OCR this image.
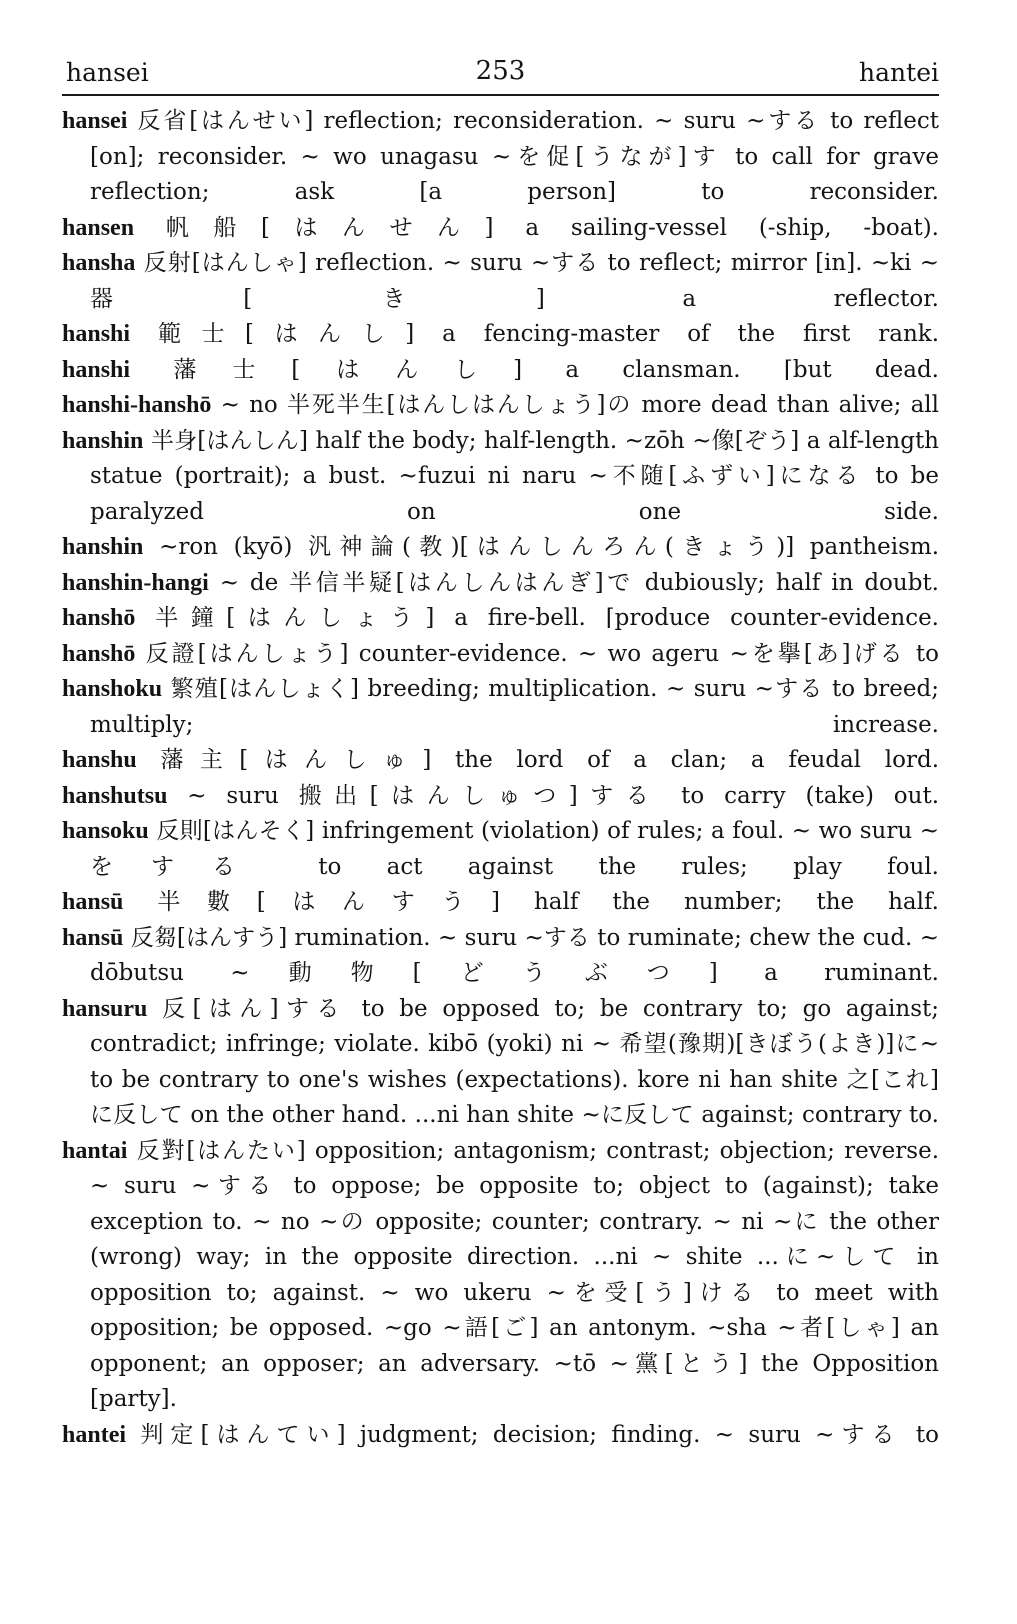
hansei	253	hantei

hansei 反省[はんせい] reflection; reconsideration. ~ suru ~する to reflect [on]; reconsider. ~ wo unagasu ~を促[うなが]す to call for grave reflection; ask [a person] to reconsider.

hansen 帆船[はんせん] a sailing-vessel (-ship, -boat).

hansha 反射[はんしゃ] reflection. ~ suru ~する to reflect; mirror [in]. ~ki ~器[き] a reflector.

hanshi 範士[はんし] a fencing-master of the first rank.

hanshi 藩士[はんし] a clansman. ⌈but dead.

hanshi-hanshō ~ no 半死半生[はんしはんしょう]の more dead than alive; all

hanshin 半身[はんしん] half the body; half-length. ~zōh ~像[ぞう] a alf-length statue (portrait); a bust. ~fuzui ni naru ~不随[ふずい]になる to be paralyzed on one side.

hanshin ~ron (kyō) 汎神論(教)[はんしんろん(きょう)] pantheism.

hanshin-hangi ~ de 半信半疑[はんしんはんぎ]で dubiously; half in doubt.

hanshō 半鐘[はんしょう] a fire-bell. ⌈produce counter-evidence.

hanshō 反證[はんしょう] counter-evidence. ~ wo ageru ~を擧[あ]げる to

hanshoku 繁殖[はんしょく] breeding; multiplication. ~ suru ~する to breed; multiply; increase.

hanshu 藩主[はんしゅ] the lord of a clan; a feudal lord.

hanshutsu ~ suru 搬出[はんしゅつ]する to carry (take) out.

hansoku 反則[はんそく] infringement (violation) of rules; a foul. ~ wo suru ~をする to act against the rules; play foul.

hansū 半數[はんすう] half the number; the half.

hansū 反芻[はんすう] rumination. ~ suru ~する to ruminate; chew the cud. ~ dōbutsu ~動物[どうぶつ] a ruminant.

hansuru 反[はん]する to be opposed to; be contrary to; go against; contradict; infringe; violate. kibō (yoki) ni ~ 希望(豫期)[きぼう(よき)]に~ to be contrary to one's wishes (expectations). kore ni han shite 之[これ]に反して on the other hand. ...ni han shite ~に反して against; contrary to.

hantai 反對[はんたい] opposition; antagonism; contrast; objection; reverse. ~ suru ~する to oppose; be opposite to; object to (against); take exception to. ~ no ~の opposite; counter; contrary. ~ ni ~に the other (wrong) way; in the opposite direction. ...ni ~ shite ...に~して in opposition to; against. ~ wo ukeru ~を受[う]ける to meet with opposition; be opposed. ~go ~語[ご] an antonym. ~sha ~者[しゃ] an opponent; an opposer; an adversary. ~tō ~黨[とう] the Opposition [party].

hantei 判定[はんてい] judgment; decision; finding. ~ suru ~する to
